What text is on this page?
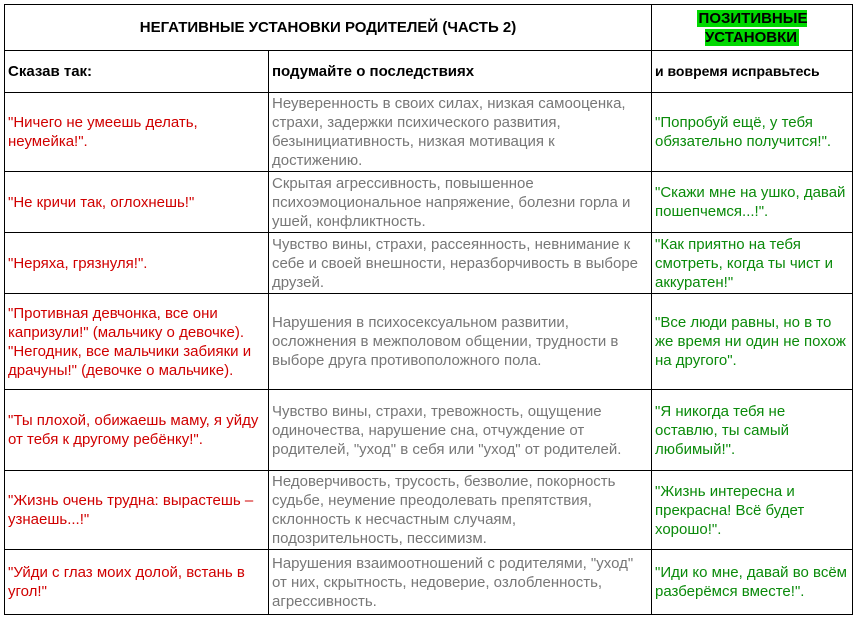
НЕГАТИВНЫЕ УСТАНОВКИ РОДИТЕЛЕЙ (ЧАСТЬ 2)		ПОЗИТИВНЫЕ УСТАНОВКИ
Сказав так:	подумайте о последствиях	и вовремя исправьтесь
"Ничего не умеешь делать, неумейка!".	Неуверенность в своих силах, низкая самооценка, страхи, задержки психического развития, безынициативность, низкая мотивация к достижению.	"Попробуй ещё, у тебя обязательно получится!".
"Не кричи так, оглохнешь!"	Скрытая агрессивность, повышенное психоэмоциональное напряжение, болезни горла и ушей, конфликтность.	"Скажи мне на ушко, давай пошепчемся...!".
"Неряха, грязнуля!".	Чувство вины, страхи, рассеянность, невнимание к себе и своей внешности, неразборчивость в выборе друзей.	"Как приятно на тебя смотреть, когда ты чист и аккуратен!"
"Противная девчонка, все они капризули!" (мальчику о девочке). "Негодник, все мальчики забияки и драчуны!" (девочке о мальчике).	Нарушения в психосексуальном развитии, осложнения в межполовом общении, трудности в выборе друга противоположного пола.	"Все люди равны, но в то же время ни один не похож на другого".
"Ты плохой, обижаешь маму, я уйду от тебя к другому ребёнку!".	Чувство вины, страхи, тревожность, ощущение одиночества, нарушение сна, отчуждение от родителей, "уход" в себя или "уход" от родителей.	"Я никогда тебя не оставлю, ты самый любимый!".
"Жизнь очень трудна: вырастешь – узнаешь...!"	Недоверчивость, трусость, безволие, покорность судьбе, неумение преодолевать препятствия, склонность к несчастным случаям, подозрительность, пессимизм.	"Жизнь интересна и прекрасна! Всё будет хорошо!".
"Уйди с глаз моих долой, встань в угол!"	Нарушения взаимоотношений с родителями, "уход" от них, скрытность, недоверие, озлобленность, агрессивность.	"Иди ко мне, давай во всём разберёмся вместе!".
